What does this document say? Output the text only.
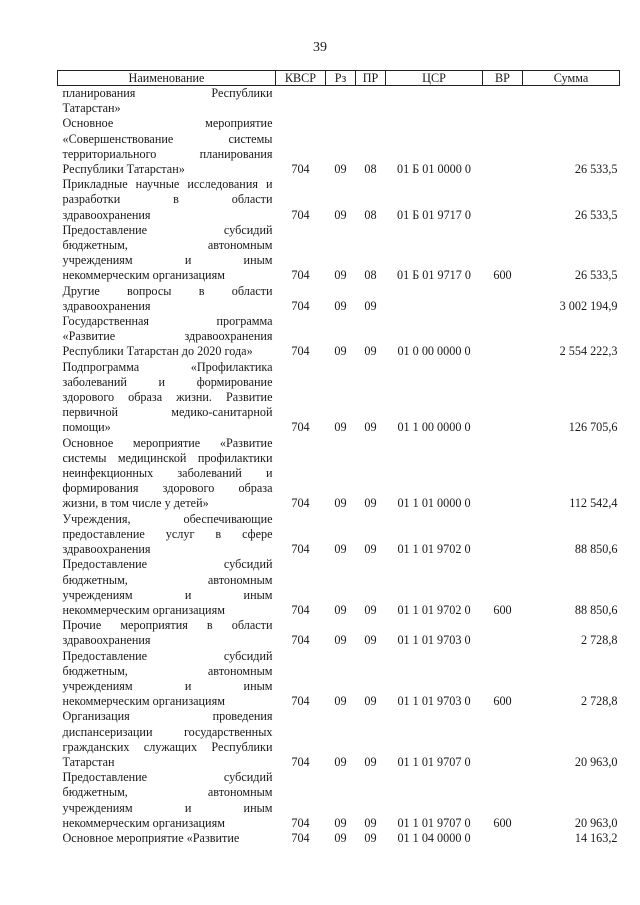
39
Наименование	КВСР	Рз	ПР	ЦСР	ВР	Сумма

планирования Республики
Татарстан»						

Основное мероприятие
«Совершенствование системы
территориального планирования
Республики Татарстан»	704	09	08	01 Б 01 0000 0		26 533,5

Прикладные научные исследования и
разработки в области
здравоохранения	704	09	08	01 Б 01 9717 0		26 533,5

Предоставление субсидий
бюджетным, автономным
учреждениям и иным
некоммерческим организациям	704	09	08	01 Б 01 9717 0	600	26 533,5

Другие вопросы в области
здравоохранения	704	09	09			3 002 194,9

Государственная программа
«Развитие здравоохранения
Республики Татарстан до 2020 года»	704	09	09	01 0 00 0000 0		2 554 222,3

Подпрограмма «Профилактика
заболеваний и формирование
здорового образа жизни. Развитие
первичной медико-санитарной
помощи»	704	09	09	01 1 00 0000 0		126 705,6

Основное мероприятие «Развитие
системы медицинской профилактики
неинфекционных заболеваний и
формирования здорового образа
жизни, в том числе у детей»	704	09	09	01 1 01 0000 0		112 542,4

Учреждения, обеспечивающие
предоставление услуг в сфере
здравоохранения	704	09	09	01 1 01 9702 0		88 850,6

Предоставление субсидий
бюджетным, автономным
учреждениям и иным
некоммерческим организациям	704	09	09	01 1 01 9702 0	600	88 850,6

Прочие мероприятия в области
здравоохранения	704	09	09	01 1 01 9703 0		2 728,8

Предоставление субсидий
бюджетным, автономным
учреждениям и иным
некоммерческим организациям	704	09	09	01 1 01 9703 0	600	2 728,8

Организация проведения
диспансеризации государственных
гражданских служащих Республики
Татарстан	704	09	09	01 1 01 9707 0		20 963,0

Предоставление субсидий
бюджетным, автономным
учреждениям и иным
некоммерческим организациям	704	09	09	01 1 01 9707 0	600	20 963,0

Основное мероприятие «Развитие	704	09	09	01 1 04 0000 0		14 163,2
